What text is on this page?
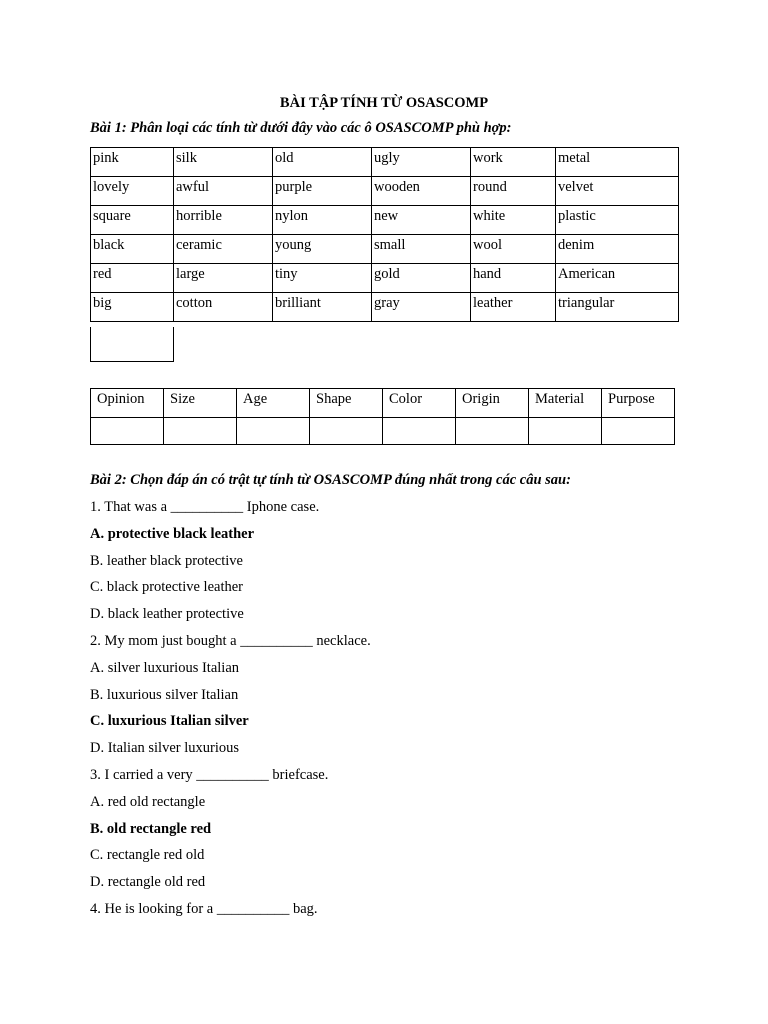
BÀI TẬP TÍNH TỪ OSASCOMP
Bài 1: Phân loại các tính từ dưới đây vào các ô OSASCOMP phù hợp:
pink	silk	old	ugly	work	metal
lovely	awful	purple	wooden	round	velvet
square	horrible	nylon	new	white	plastic
black	ceramic	young	small	wool	denim
red	large	tiny	gold	hand	American
big	cotton	brilliant	gray	leather	triangular
Opinion	Size	Age	Shape	Color	Origin	Material	Purpose

Bài 2: Chọn đáp án có trật tự tính từ OSASCOMP đúng nhất trong các câu sau:
1. That was a __________ Iphone case.
A. protective black leather
B. leather black protective
C. black protective leather
D. black leather protective
2. My mom just bought a __________ necklace.
A. silver luxurious Italian
B. luxurious silver Italian
C. luxurious Italian silver
D. Italian silver luxurious
3. I carried a very __________ briefcase.
A. red old rectangle
B. old rectangle red
C. rectangle red old
D. rectangle old red
4. He is looking for a __________ bag.
